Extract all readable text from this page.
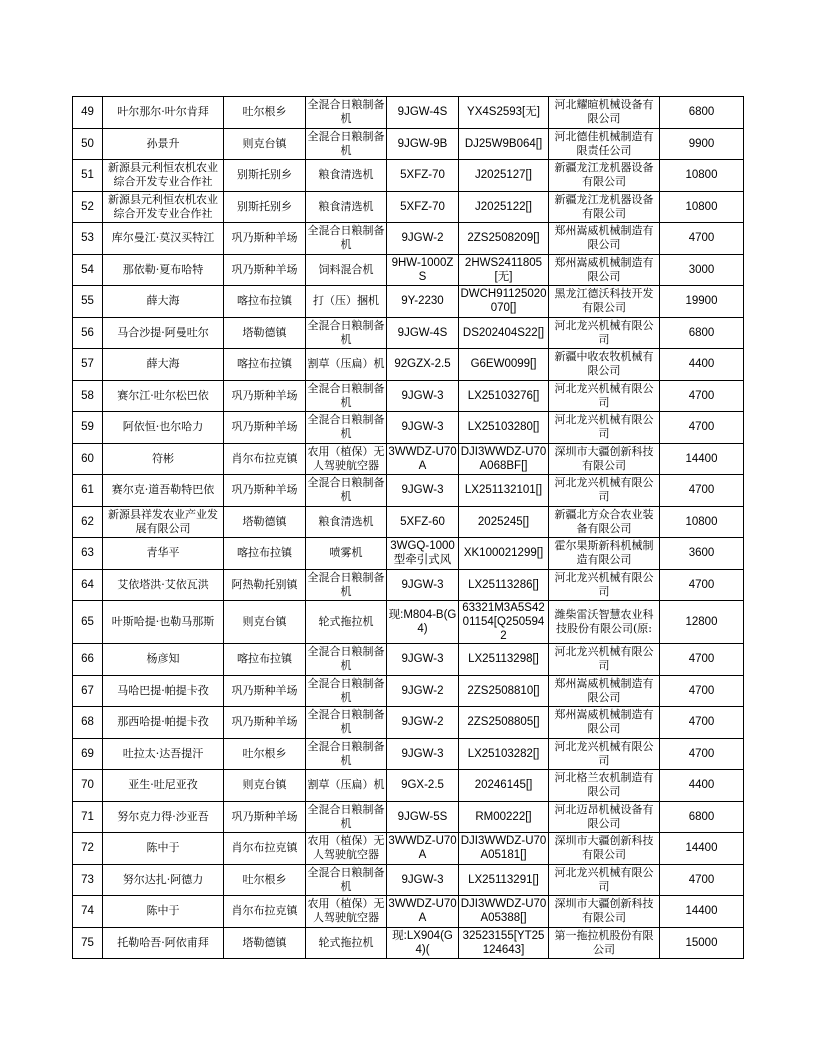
49	叶尔那尔·叶尔肯拜	吐尔根乡	全混合日粮制备机	9JGW-4S	YX4S2593[无]	河北耀暄机械设备有限公司	6800
50	孙景升	则克台镇	全混合日粮制备机	9JGW-9B	DJ25W9B064[]	河北德佳机械制造有限责任公司	9900
51	新源县元利恒农机农业综合开发专业合作社	别斯托别乡	粮食清选机	5XFZ-70	J2025127[]	新疆龙江龙机器设备有限公司	10800
52	新源县元利恒农机农业综合开发专业合作社	别斯托别乡	粮食清选机	5XFZ-70	J2025122[]	新疆龙江龙机器设备有限公司	10800
53	库尔曼江·莫汉买特江	巩乃斯种羊场	全混合日粮制备机	9JGW-2	2ZS2508209[]	郑州嵩威机械制造有限公司	4700
54	那依勒·夏布哈特	巩乃斯种羊场	饲料混合机	9HW-1000ZS	2HWS2411805[无]	郑州嵩威机械制造有限公司	3000
55	薛大海	喀拉布拉镇	打（压）捆机	9Y-2230	DWCH91125020070[]	黑龙江德沃科技开发有限公司	19900
56	马合沙提·阿曼吐尔	塔勒德镇	全混合日粮制备机	9JGW-4S	DS202404S22[]	河北龙兴机械有限公司	6800
57	薛大海	喀拉布拉镇	割草（压扁）机	92GZX-2.5	G6EW0099[]	新疆中收农牧机械有限公司	4400
58	赛尔江·吐尔松巴依	巩乃斯种羊场	全混合日粮制备机	9JGW-3	LX25103276[]	河北龙兴机械有限公司	4700
59	阿依恒·也尔哈力	巩乃斯种羊场	全混合日粮制备机	9JGW-3	LX25103280[]	河北龙兴机械有限公司	4700
60	符彬	肖尔布拉克镇	农用（植保）无人驾驶航空器	3WWDZ-U70A	DJI3WWDZ-U70A068BF[]	深圳市大疆创新科技有限公司	14400
61	赛尔克·道吾勒特巴依	巩乃斯种羊场	全混合日粮制备机	9JGW-3	LX251132101[]	河北龙兴机械有限公司	4700
62	新源县祥发农业产业发展有限公司	塔勒德镇	粮食清选机	5XFZ-60	2025245[]	新疆北方众合农业装备有限公司	10800
63	青华平	喀拉布拉镇	喷雾机	3WGQ-1000型牵引式风	XK100021299[]	霍尔果斯新科机械制造有限公司	3600
64	艾依塔洪·艾依瓦洪	阿热勒托别镇	全混合日粮制备机	9JGW-3	LX25113286[]	河北龙兴机械有限公司	4700
65	叶斯哈提·也勒马那斯	则克台镇	轮式拖拉机	现:M804-B(G4)	63321M3A5S4201154[Q2505942	潍柴雷沃智慧农业科技股份有限公司(原:	12800
66	杨彦知	喀拉布拉镇	全混合日粮制备机	9JGW-3	LX25113298[]	河北龙兴机械有限公司	4700
67	马哈巴提·帕提卡孜	巩乃斯种羊场	全混合日粮制备机	9JGW-2	2ZS2508810[]	郑州嵩威机械制造有限公司	4700
68	那西哈提·帕提卡孜	巩乃斯种羊场	全混合日粮制备机	9JGW-2	2ZS2508805[]	郑州嵩威机械制造有限公司	4700
69	吐拉太·达吾提汗	吐尔根乡	全混合日粮制备机	9JGW-3	LX25103282[]	河北龙兴机械有限公司	4700
70	亚生·吐尼亚孜	则克台镇	割草（压扁）机	9GX-2.5	20246145[]	河北格兰农机制造有限公司	4400
71	努尔克力得·沙亚吾	巩乃斯种羊场	全混合日粮制备机	9JGW-5S	RM00222[]	河北迈昂机械设备有限公司	6800
72	陈中于	肖尔布拉克镇	农用（植保）无人驾驶航空器	3WWDZ-U70A	DJI3WWDZ-U70A05181[]	深圳市大疆创新科技有限公司	14400
73	努尔达扎·阿德力	吐尔根乡	全混合日粮制备机	9JGW-3	LX25113291[]	河北龙兴机械有限公司	4700
74	陈中于	肖尔布拉克镇	农用（植保）无人驾驶航空器	3WWDZ-U70A	DJI3WWDZ-U70A05388[]	深圳市大疆创新科技有限公司	14400
75	托勒哈吾·阿依甫拜	塔勒德镇	轮式拖拉机	现:LX904(G4)(	32523155[YT25124643]	第一拖拉机股份有限公司	15000
